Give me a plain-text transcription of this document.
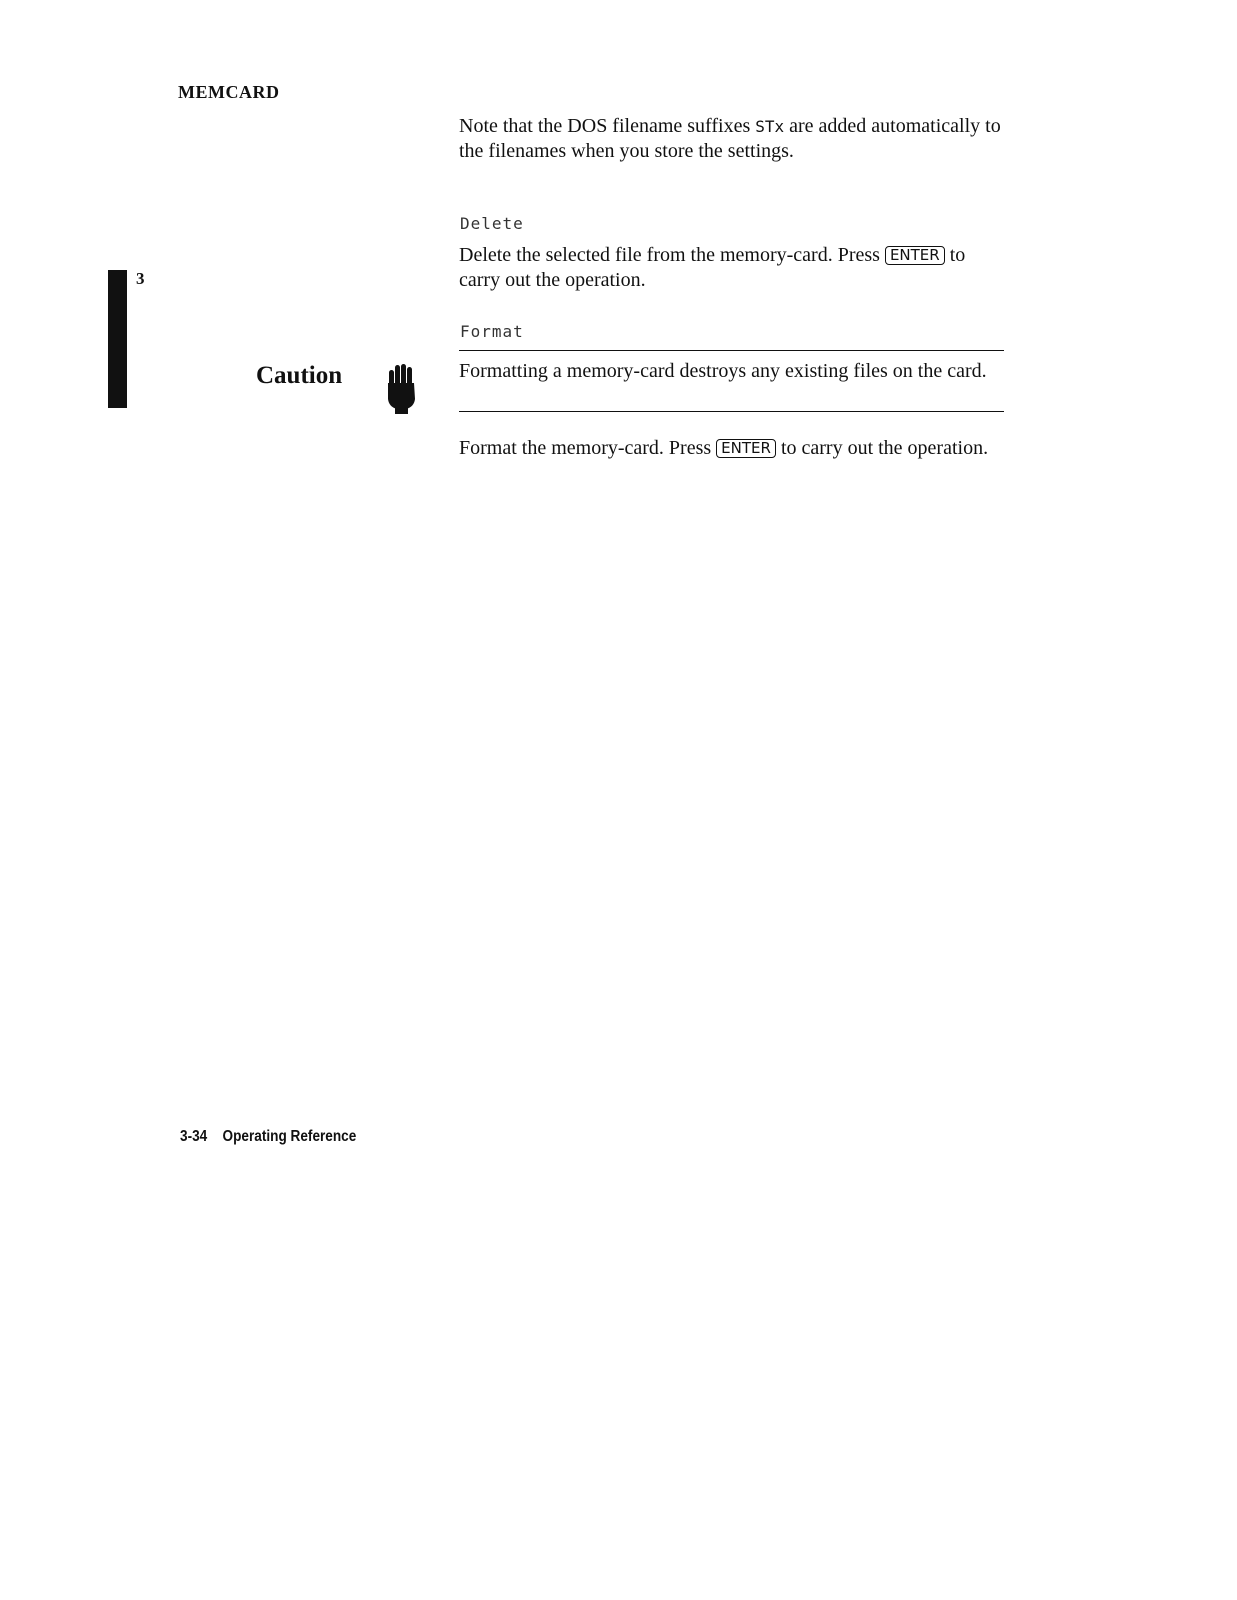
MEMCARD
3
Note that the DOS filename suffixes STx are added automatically to the filenames when you store the settings.
Delete
Delete the selected file from the memory-card. Press ENTER to carry out the operation.
Format
Caution	Formatting a memory-card destroys any existing files on the card.
Format the memory-card. Press ENTER to carry out the operation.
3-34 Operating Reference
